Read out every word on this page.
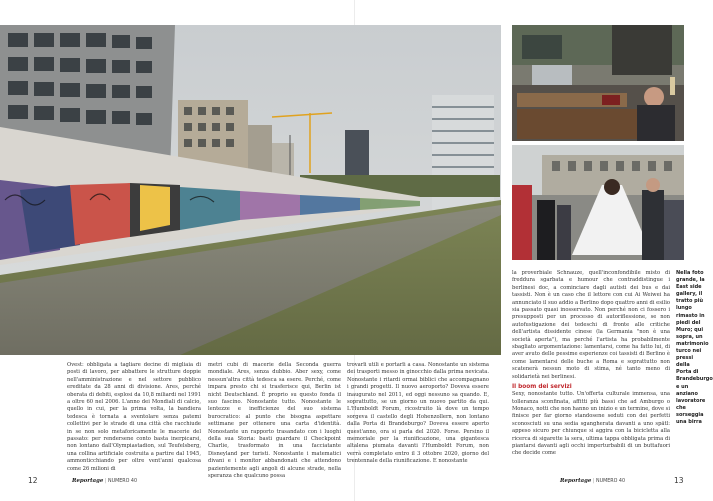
Ovest: obbligata a tagliare decine di migliaia di posti di lavoro, per abbattere le strutture doppie nell'amministrazione e nel settore pubblico ereditate da 28 anni di divisione. Ares, perché oberata di debiti, esplosi da 10,8 miliardi nel 1991 a oltre 60 nel 2006. L'anno dei Mondiali di calcio, quello in cui, per la prima volta, la bandiera tedesca è tornata a sventolare senza patemi collettivi per le strade di una città che racchiude in se non solo metaforicamente le macerie del passato: per rendersene conto basta inerpicarsi, non lontano dall'Olympiastadion, sul Teufelsberg, una collina artificiale costruita a partire dal 1945, ammonticchiando per oltre vent'anni qualcosa come 26 milioni di

metri cubi di macerie della Seconda guerra mondiale. Ares, senza dubbio. Aber sexy, come nessun'altra città tedesca sa esere. Perché, come impara presto chi si trasferisce qui, Berlin ist nicht Deutschland. È proprio su questo fonda il suo fascino. Nonostante tutto. Nonostante le lentezze e inefficienze del suo sistema burocratico: al punto che bisogna aspettare settimane per ottenere una carta d'identità. Nonostante un rapporto trasandato con i luoghi della sua Storia: basti guardare il Checkpoint Charlie, trasformato in una facciatante Disneyland per turisti. Nonostante i matematici divani e i monitor abbandonati che attendono pazientemente agli angoli di alcune strade, nella speranza che qualcuno possa

trovarli utili e portarli a casa. Nonostante un sistema dei trasporti messo in ginocchio dalla prima nevicata. Nonostante i ritardi ormai biblici che accompagnano i grandi progetti. Il nuovo aeroporto? Doveva essere inaugurato nel 2011, ed oggi nessuno sa quando. E, soprattutto, se un giorno un nuovo partito da qui. L'Humboldt Forum, ricostruito là dove un tempo sorgeva il castello degli Hohenzollern, non lontano dalla Porta di Brandeburgo? Doveva essere aperto quest'anno, ora si parla del 2020. Forse. Persino il memoriale per la riunificazione, una gigantesca altalena piumata davanti l'Humboldt Forum, non verrà completato entro il 3 ottobre 2020, giorno del trentennale della riunificazione. E nonostante

la proverbiale Schnauze, quell'inconfondibile misto di freddura sgarbata e humour che contraddistingue i berlinesi doc, a cominciare dagli autisti dei bus e dai tassisti. Non è un caso che il lettore con cui Ai Weiwei ha annunciato il suo addio a Berlino dopo quattro anni di esilio sia passato quasi inosservato. Non perché non ci fossero i presupposti per un processo di autoriflessione, se non autofustigazione dei tedeschi di fronte alle critiche dell'artista dissidente cinese (la Germania "non è una società aperta"), ma perché l'artista ha probabilmente sbagliato argomentazione: lamentarsi, come ha fatto lui, di aver avuto delle pessime esperienze coi tassisti di Berlino è come lamentarsi delle buche a Roma e soprattutto non scatenerà nessun moto di stima, né tanto meno di solidarietà nei berlinesi.

Il boom dei servizi

Sexy, nonostante tutto. Un'offerta culturale immensa, una tolleranza sconfinata, affitti più bassi che ad Amburgo o Monaco, notti che non hanno un inizio e un termine, dove si finisce per far giorno standosene seduti con dei perfetti sconosciuti su una sedia sgangherata davanti a uno spätl: appeso sicuro per chiunque si aggira con la bicicletta alla ricerca di sigarette la sera, ultima tappa obbligata prima di piantarsi davanti agli occhi imperturbabili di un buttafuori che decide come

Nella foto grande, la East side gallery, il tratto più lungo rimasto in piedi del Muro; qui sopra, un matrimonio turco nei pressi della Porta di Brandeburgo e un anziano lavoratore che sorseggia una birra
12	Reportage | NUMERO 40	Reportage | NUMERO 40	13
